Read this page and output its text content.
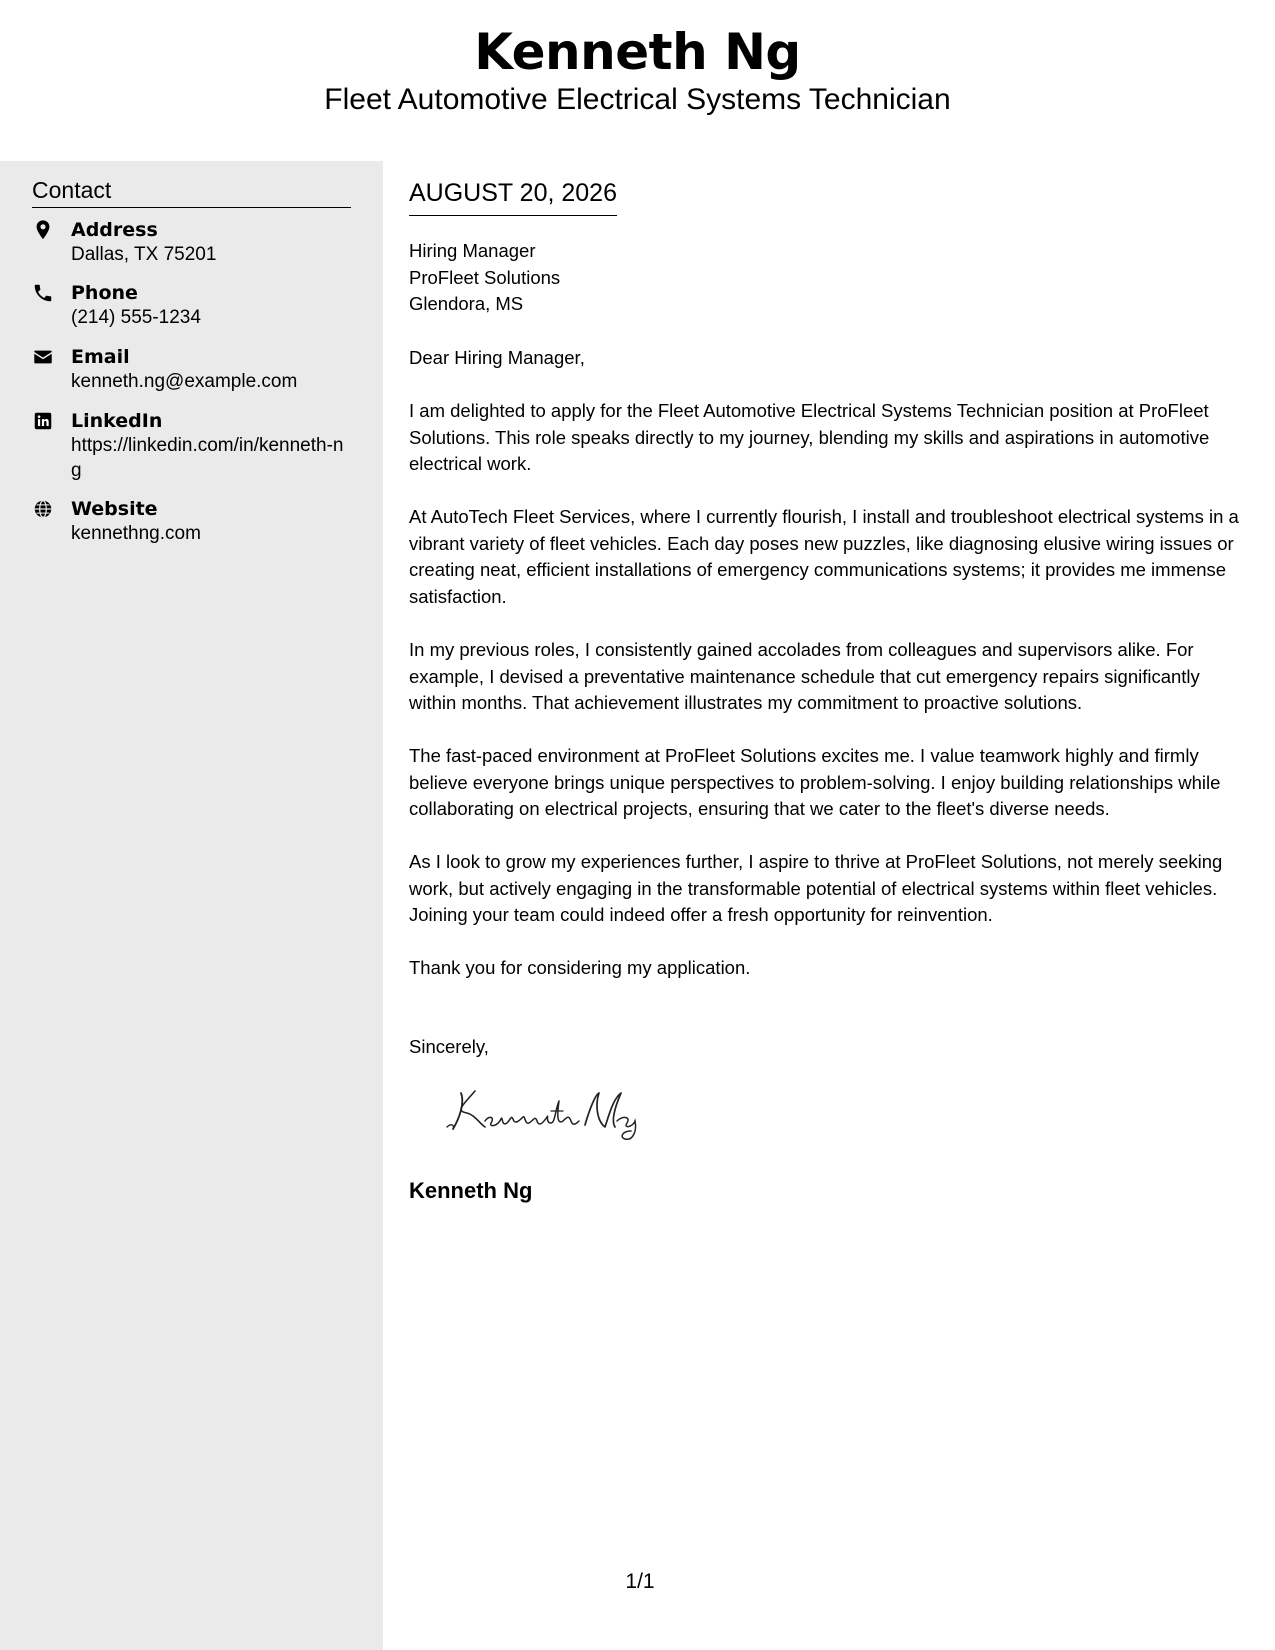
Kenneth Ng
Fleet Automotive Electrical Systems Technician
Contact
Address
Dallas, TX 75201
Phone
(214) 555-1234
Email
kenneth.ng@example.com
LinkedIn
https://linkedin.com/in/kenneth-ng
Website
kennethng.com
AUGUST 20, 2026
Hiring Manager
ProFleet Solutions
Glendora, MS
Dear Hiring Manager,
I am delighted to apply for the Fleet Automotive Electrical Systems Technician position at ProFleet Solutions. This role speaks directly to my journey, blending my skills and aspirations in automotive electrical work.
At AutoTech Fleet Services, where I currently flourish, I install and troubleshoot electrical systems in a vibrant variety of fleet vehicles. Each day poses new puzzles, like diagnosing elusive wiring issues or creating neat, efficient installations of emergency communications systems; it provides me immense satisfaction.
In my previous roles, I consistently gained accolades from colleagues and supervisors alike. For example, I devised a preventative maintenance schedule that cut emergency repairs significantly within months. That achievement illustrates my commitment to proactive solutions.
The fast-paced environment at ProFleet Solutions excites me. I value teamwork highly and firmly believe everyone brings unique perspectives to problem-solving. I enjoy building relationships while collaborating on electrical projects, ensuring that we cater to the fleet's diverse needs.
As I look to grow my experiences further, I aspire to thrive at ProFleet Solutions, not merely seeking work, but actively engaging in the transformable potential of electrical systems within fleet vehicles. Joining your team could indeed offer a fresh opportunity for reinvention.
Thank you for considering my application.
Sincerely,
Kenneth Ng
1/1
